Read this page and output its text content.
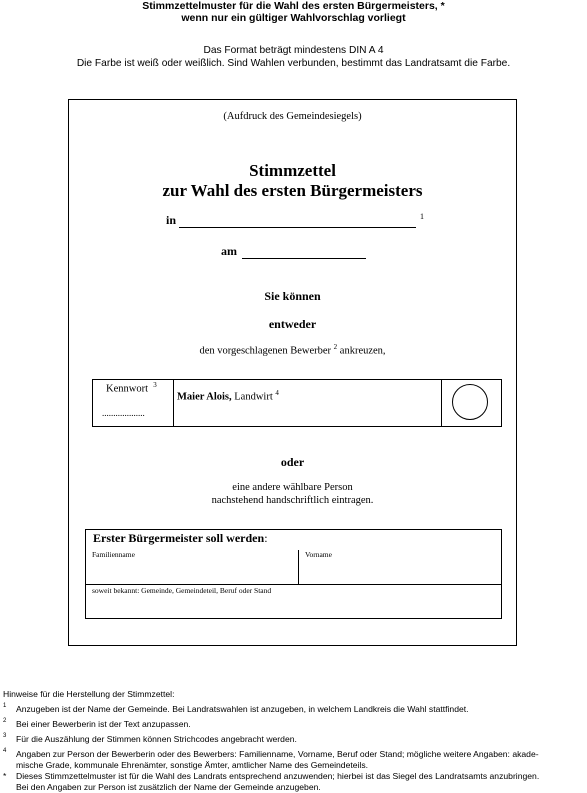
Stimmzettelmuster für die Wahl des ersten Bürgermeisters, *
wenn nur ein gültiger Wahlvorschlag vorliegt
Das Format beträgt mindestens DIN A 4
Die Farbe ist weiß oder weißlich. Sind Wahlen verbunden, bestimmt das Landratsamt die Farbe.
(Aufdruck des Gemeindesiegels)
Stimmzettel
zur Wahl des ersten Bürgermeisters
in	1
am
Sie können
entweder
den vorgeschlagenen Bewerber $^2$ ankreuzen,
Kennwort $^3$
...................
Maier Alois, Landwirt $^4$
oder
eine andere wählbare Person
nachstehend handschriftlich eintragen.
Erster Bürgermeister soll werden:
Familienname	Vorname
soweit bekannt: Gemeinde, Gemeindeteil, Beruf oder Stand
Hinweise für die Herstellung der Stimmzettel:
1 Anzugeben ist der Name der Gemeinde. Bei Landratswahlen ist anzugeben, in welchem Landkreis die Wahl stattfindet.
2 Bei einer Bewerberin ist der Text anzupassen.
3 Für die Auszählung der Stimmen können Strichcodes angebracht werden.
4 Angaben zur Person der Bewerberin oder des Bewerbers: Familienname, Vorname, Beruf oder Stand; mögliche weitere Angaben: akade-
mische Grade, kommunale Ehrenämter, sonstige Ämter, amtlicher Name des Gemeindeteils.
* Dieses Stimmzettelmuster ist für die Wahl des Landrats entsprechend anzuwenden; hierbei ist das Siegel des Landratsamts anzubringen.
Bei den Angaben zur Person ist zusätzlich der Name der Gemeinde anzugeben.
